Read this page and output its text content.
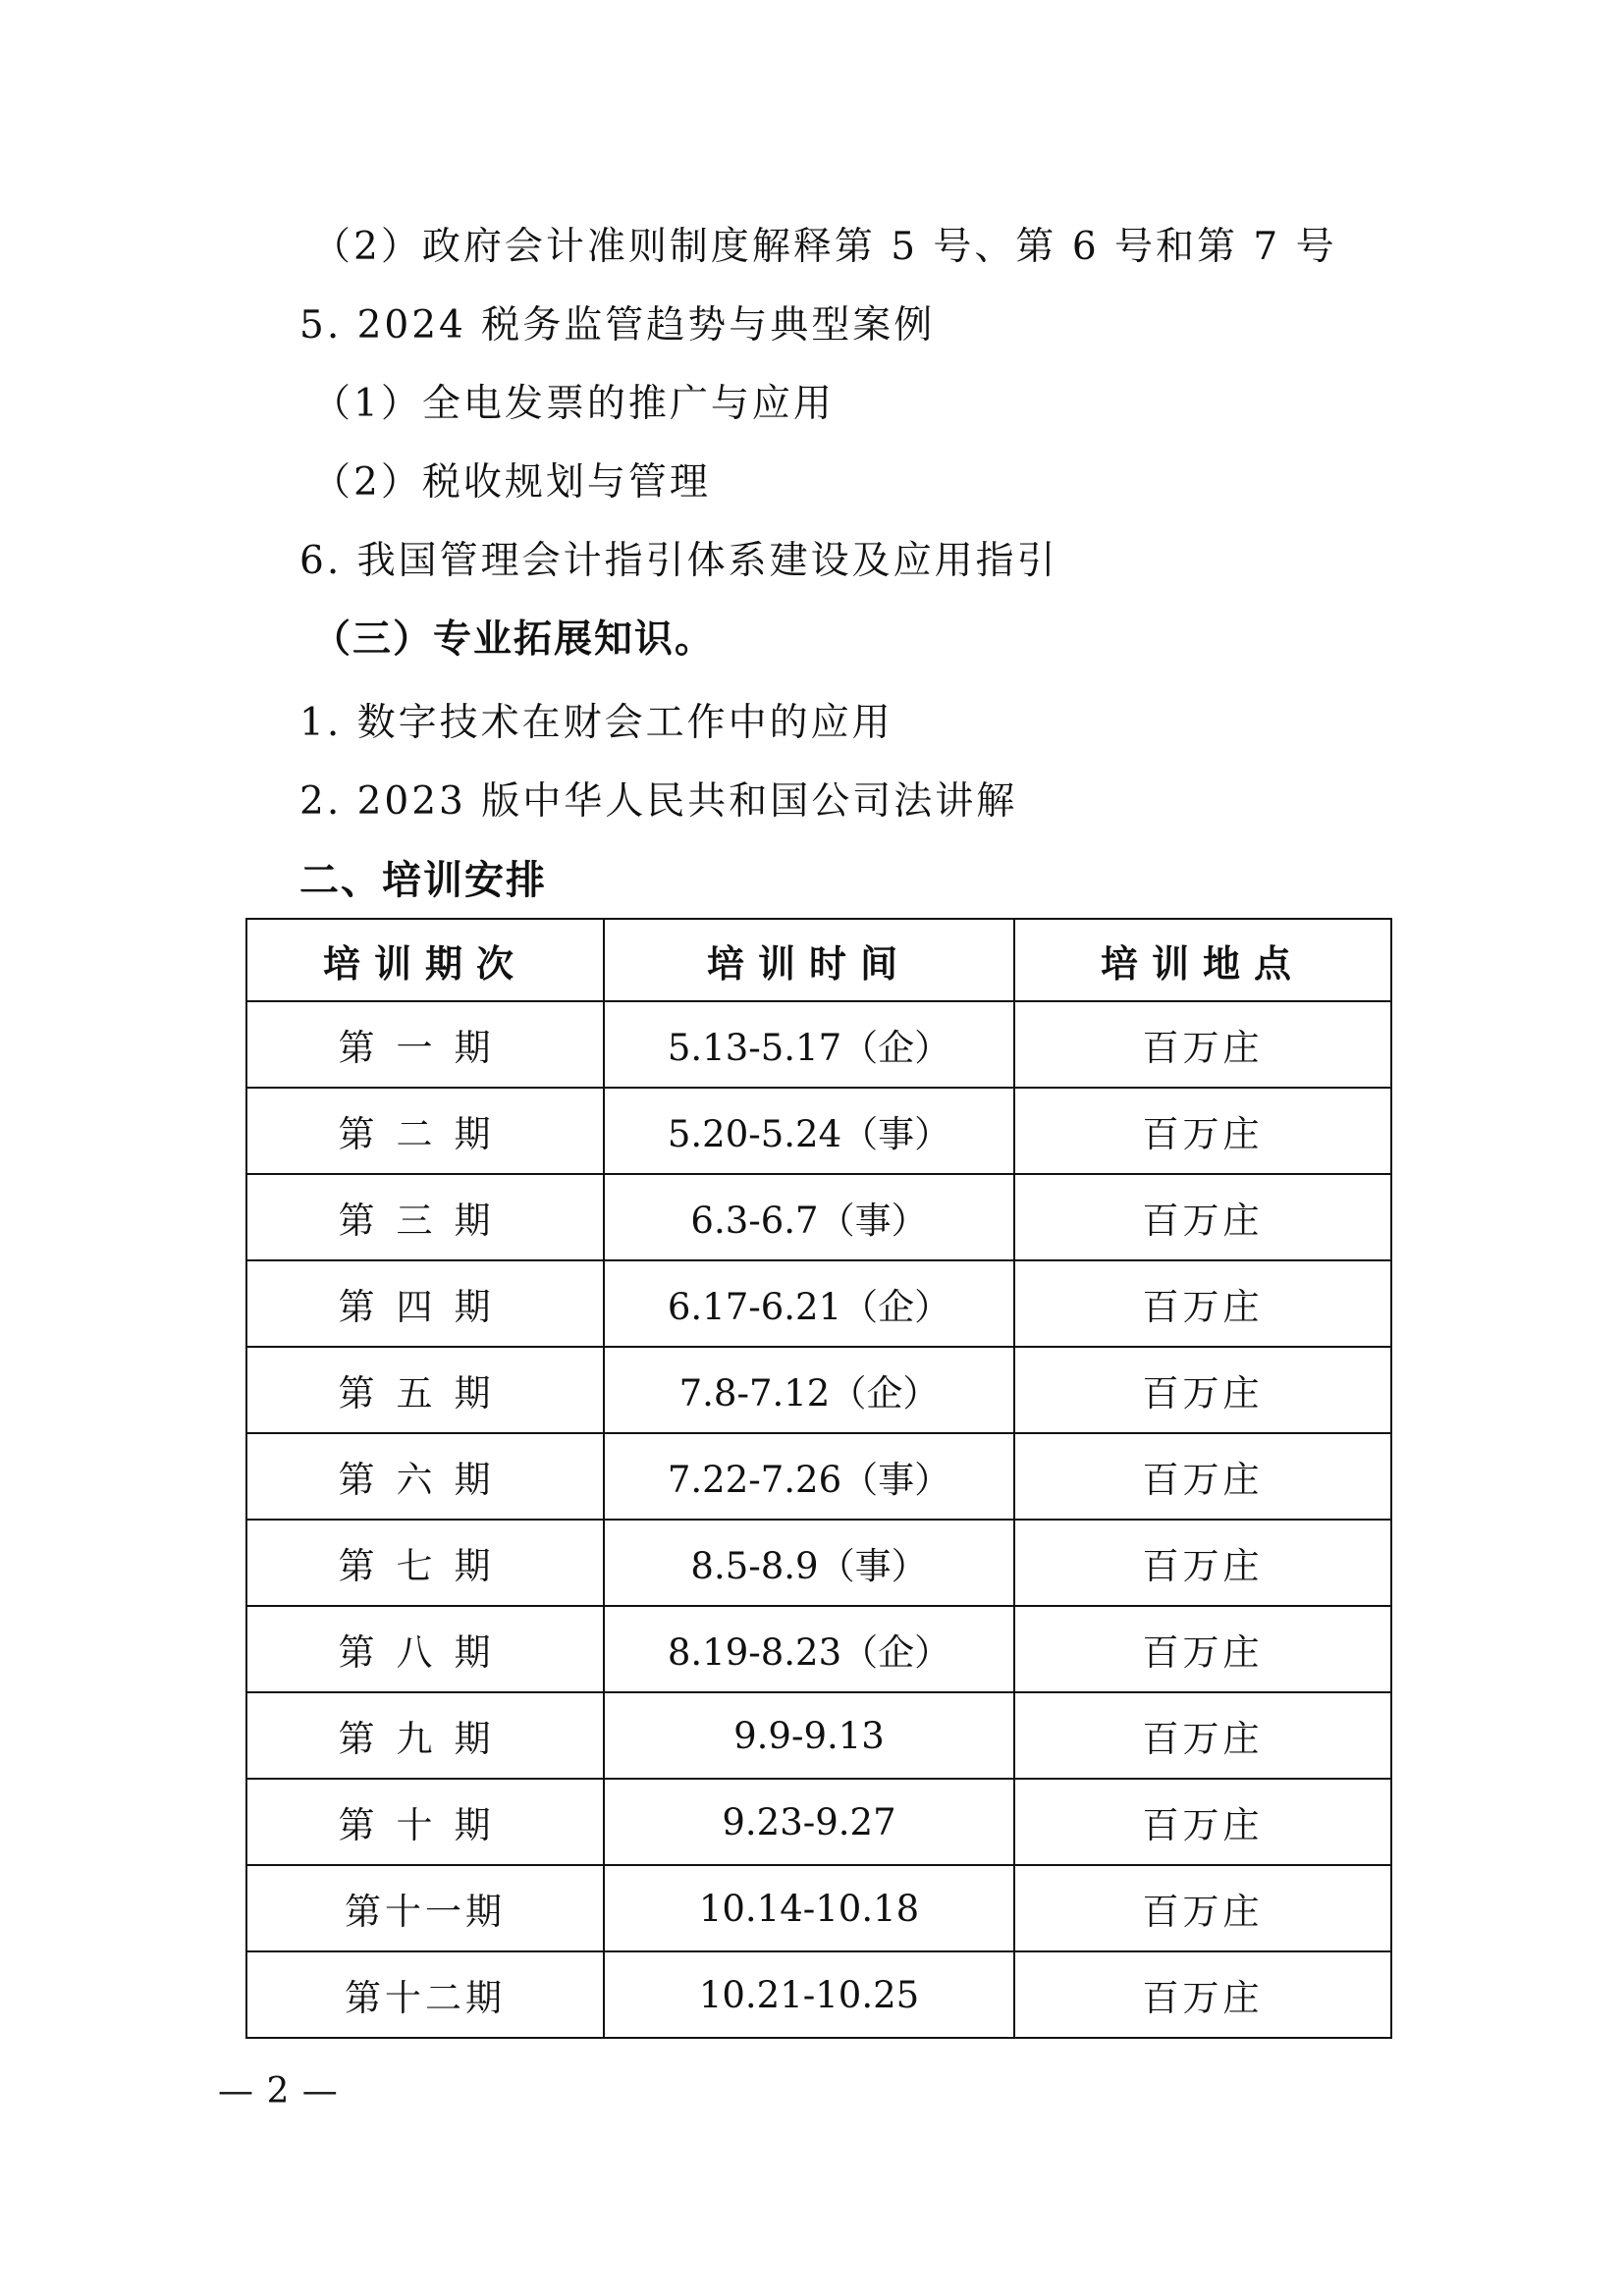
（2）政府会计准则制度解释第 5 号、第 6 号和第 7 号
5. 2024 税务监管趋势与典型案例
（1）全电发票的推广与应用
（2）税收规划与管理
6. 我国管理会计指引体系建设及应用指引
（三）专业拓展知识。
1. 数字技术在财会工作中的应用
2. 2023 版中华人民共和国公司法讲解
二、培训安排
培训期次	培训时间	培训地点
第一期	5.13-5.17（企）	百万庄
第二期	5.20-5.24（事）	百万庄
第三期	6.3-6.7（事）	百万庄
第四期	6.17-6.21（企）	百万庄
第五期	7.8-7.12（企）	百万庄
第六期	7.22-7.26（事）	百万庄
第七期	8.5-8.9（事）	百万庄
第八期	8.19-8.23（企）	百万庄
第九期	9.9-9.13	百万庄
第十期	9.23-9.27	百万庄
第十一期	10.14-10.18	百万庄
第十二期	10.21-10.25	百万庄
— 2 —
